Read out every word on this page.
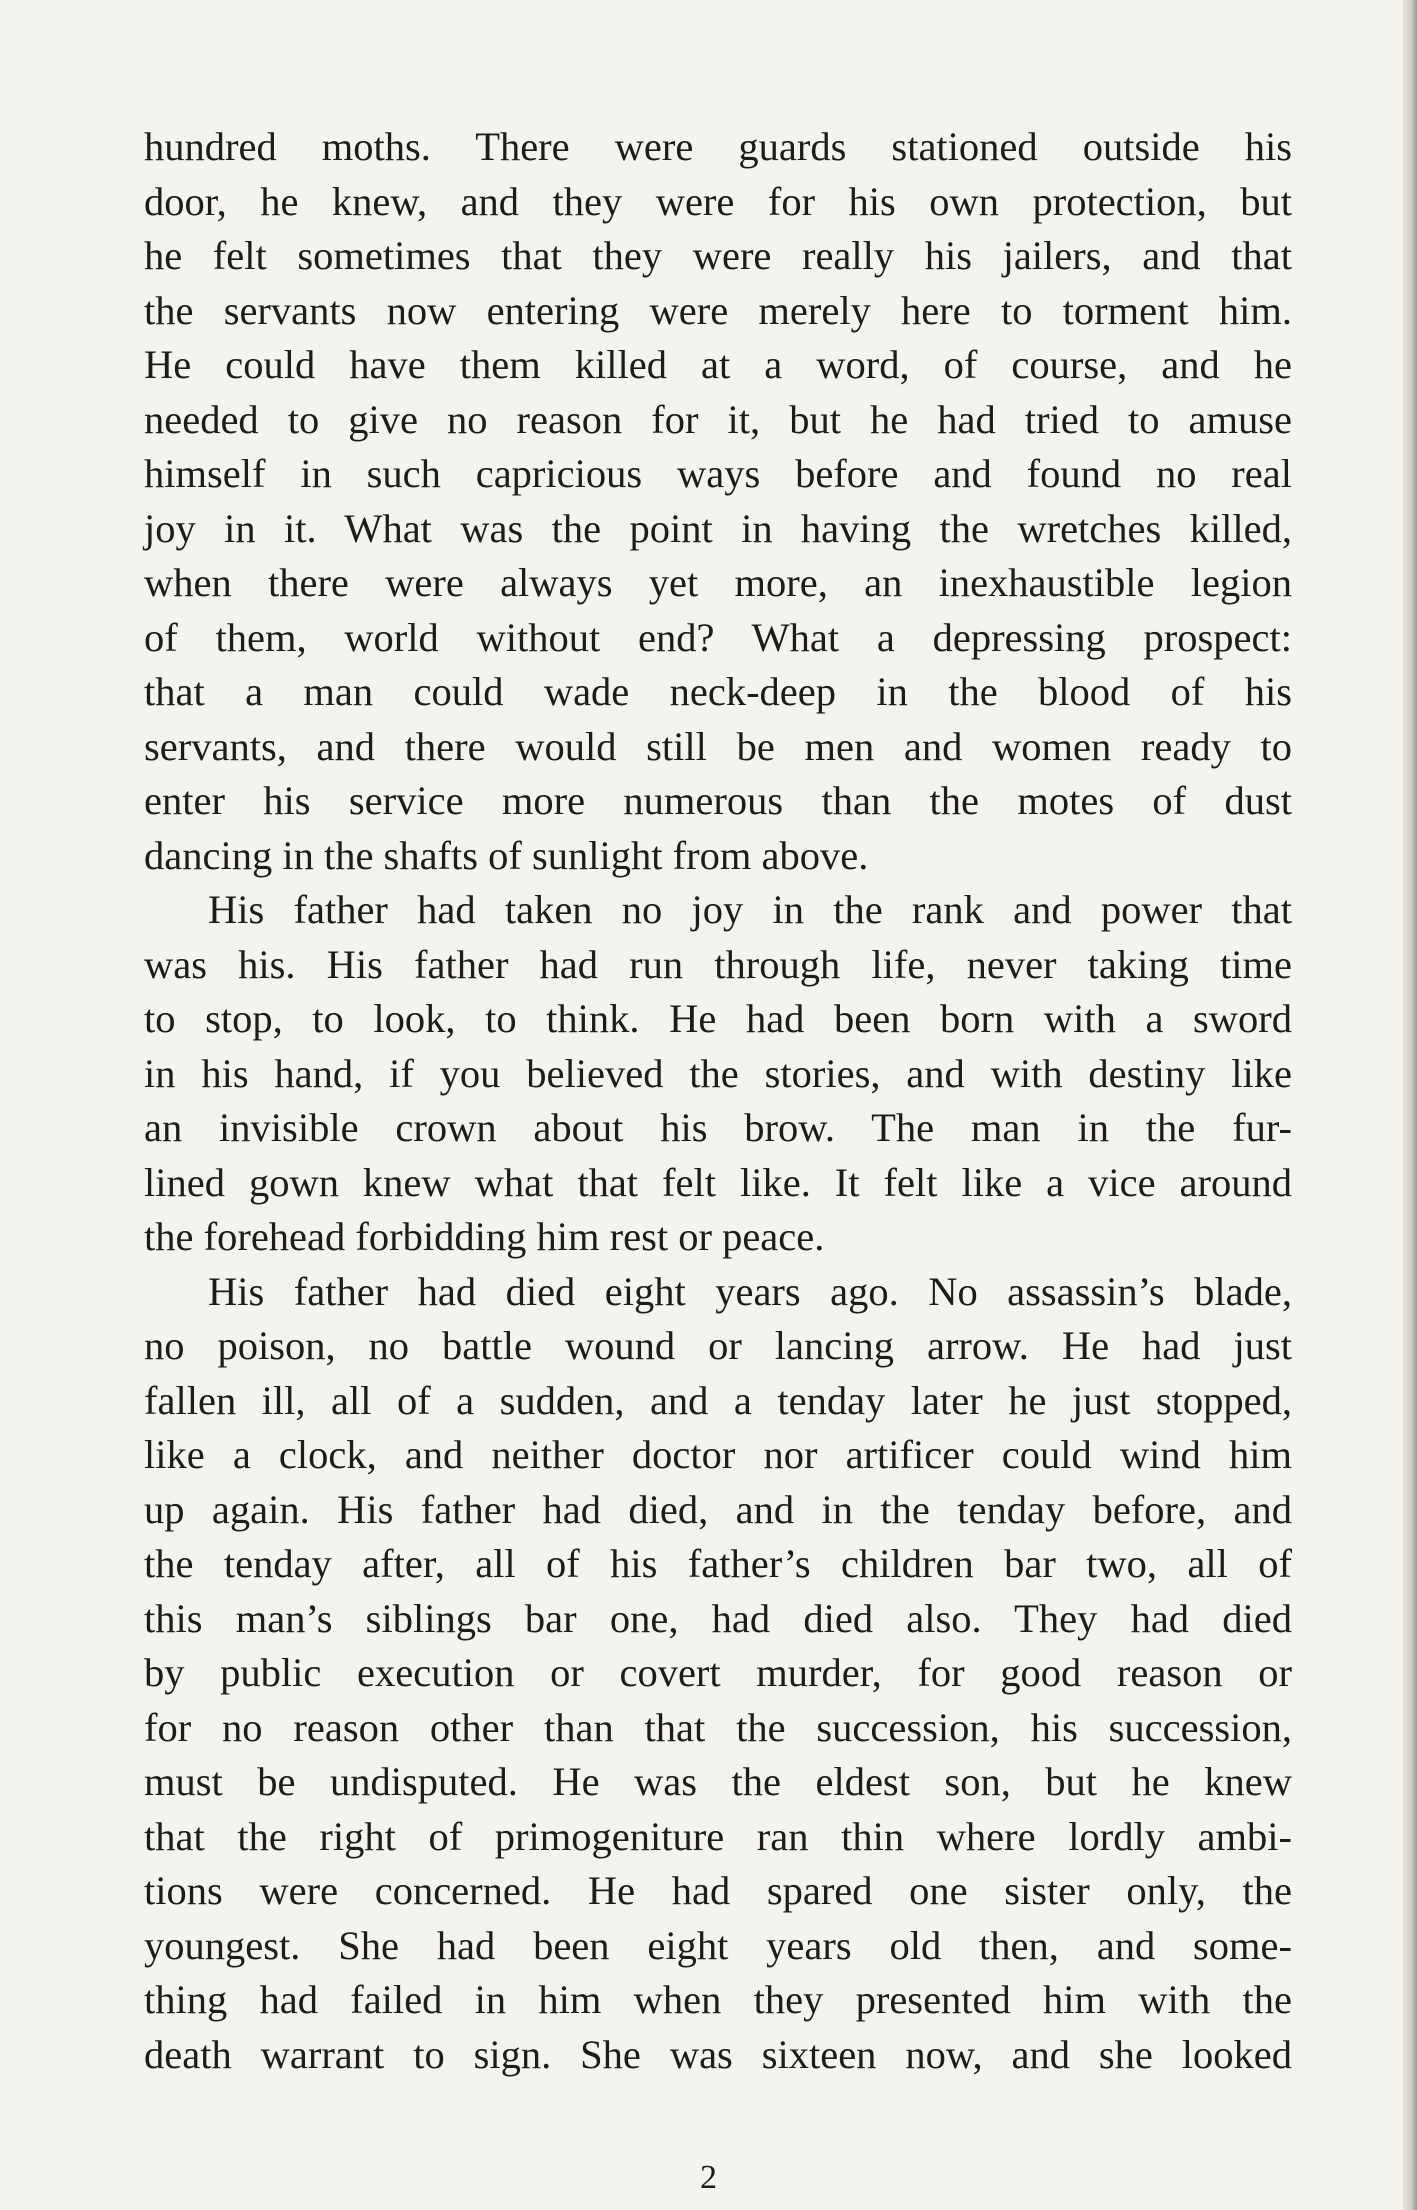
hundred moths. There were guards stationed outside his
door, he knew, and they were for his own protection, but
he felt sometimes that they were really his jailers, and that
the servants now entering were merely here to torment him.
He could have them killed at a word, of course, and he
needed to give no reason for it, but he had tried to amuse
himself in such capricious ways before and found no real
joy in it. What was the point in having the wretches killed,
when there were always yet more, an inexhaustible legion
of them, world without end? What a depressing prospect:
that a man could wade neck-deep in the blood of his
servants, and there would still be men and women ready to
enter his service more numerous than the motes of dust
dancing in the shafts of sunlight from above.
His father had taken no joy in the rank and power that
was his. His father had run through life, never taking time
to stop, to look, to think. He had been born with a sword
in his hand, if you believed the stories, and with destiny like
an invisible crown about his brow. The man in the fur-
lined gown knew what that felt like. It felt like a vice around
the forehead forbidding him rest or peace.
His father had died eight years ago. No assassin’s blade,
no poison, no battle wound or lancing arrow. He had just
fallen ill, all of a sudden, and a tenday later he just stopped,
like a clock, and neither doctor nor artificer could wind him
up again. His father had died, and in the tenday before, and
the tenday after, all of his father’s children bar two, all of
this man’s siblings bar one, had died also. They had died
by public execution or covert murder, for good reason or
for no reason other than that the succession, his succession,
must be undisputed. He was the eldest son, but he knew
that the right of primogeniture ran thin where lordly ambi-
tions were concerned. He had spared one sister only, the
youngest. She had been eight years old then, and some-
thing had failed in him when they presented him with the
death warrant to sign. She was sixteen now, and she looked
2
